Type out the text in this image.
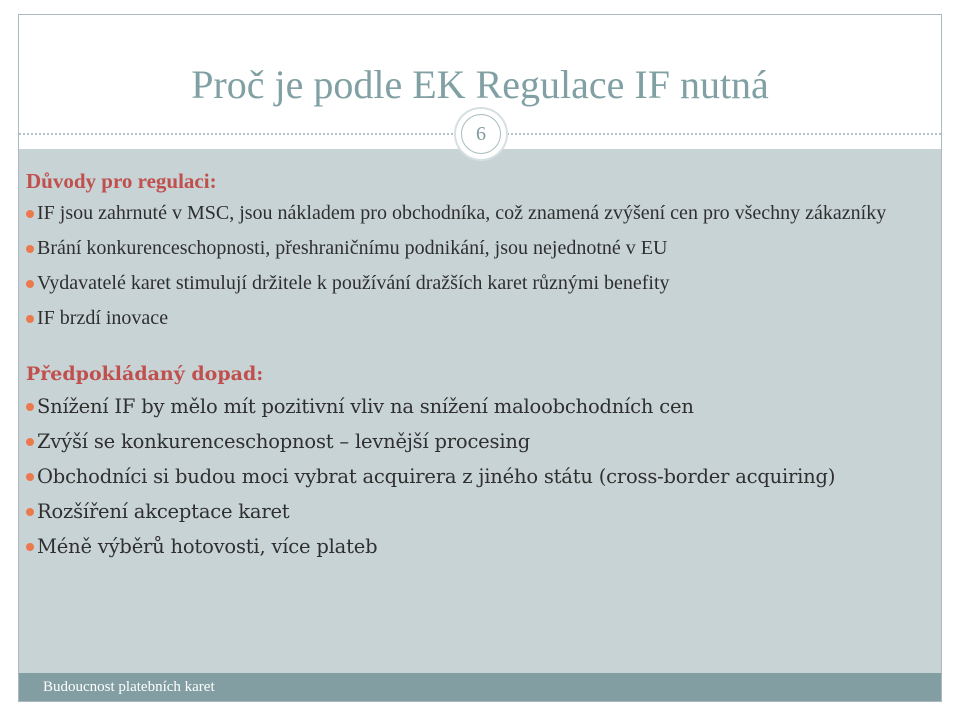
Proč je podle EK Regulace IF nutná
Budoucnost platebních karet
6

Důvody pro regulaci:

IF jsou zahrnuté v MSC, jsou nákladem pro obchodníka, což znamená zvýšení cen pro všechny zákazníky
Brání konkurenceschopnosti, přeshraničnímu podnikání, jsou nejednotné v EU
Vydavatelé karet stimulují držitele k používání dražších karet různými benefity
IF brzdí inovace

Předpokládaný dopad:

Snížení IF by mělo mít pozitivní vliv na snížení maloobchodních cen
Zvýší se konkurenceschopnost – levnější procesing
Obchodníci si budou moci vybrat acquirera z jiného státu (cross-border acquiring)
Rozšíření akceptace karet
Méně výběrů hotovosti, více plateb
